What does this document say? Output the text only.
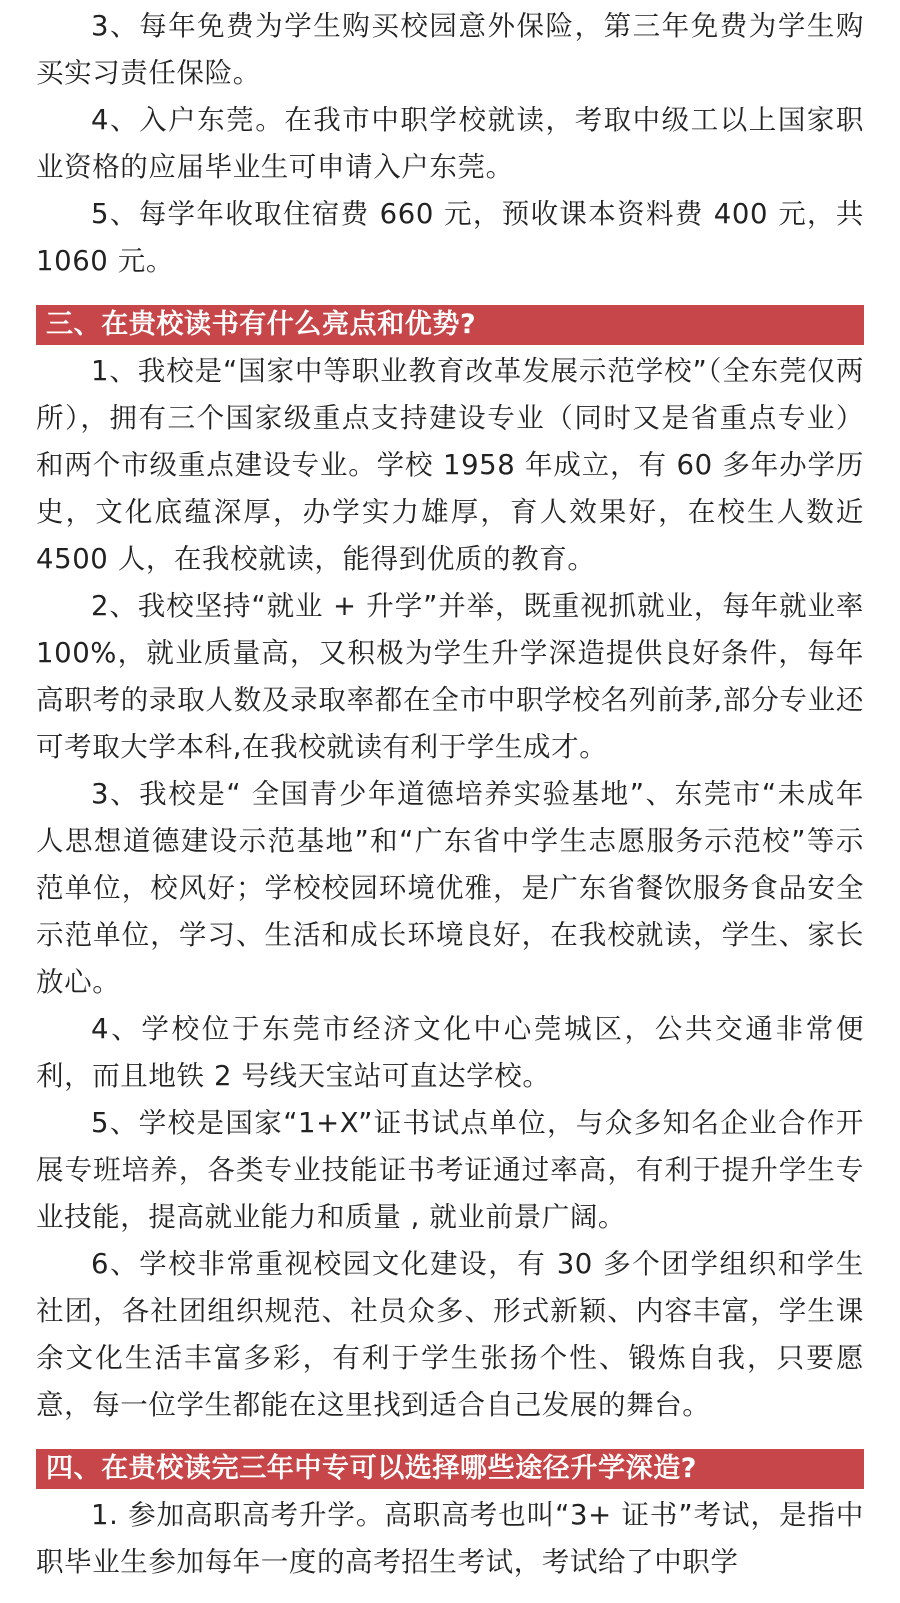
3、每年免费为学生购买校园意外保险，第三年免费为学生购买实习责任保险。

4、入户东莞。在我市中职学校就读，考取中级工以上国家职业资格的应届毕业生可申请入户东莞。

5、每学年收取住宿费 660 元，预收课本资料费 400 元，共 1060 元。

三、在贵校读书有什么亮点和优势?

1、我校是“国家中等职业教育改革发展示范学校”（全东莞仅两所），拥有三个国家级重点支持建设专业（同时又是省重点专业）和两个市级重点建设专业。学校 1958 年成立，有 60 多年办学历史，文化底蕴深厚，办学实力雄厚，育人效果好，在校生人数近 4500 人，在我校就读，能得到优质的教育。

2、我校坚持“就业 + 升学”并举，既重视抓就业，每年就业率 100%，就业质量高，又积极为学生升学深造提供良好条件，每年高职考的录取人数及录取率都在全市中职学校名列前茅,部分专业还可考取大学本科,在我校就读有利于学生成才。

3、我校是“ 全国青少年道德培养实验基地”、东莞市“未成年人思想道德建设示范基地”和“广东省中学生志愿服务示范校”等示范单位，校风好；学校校园环境优雅，是广东省餐饮服务食品安全示范单位，学习、生活和成长环境良好，在我校就读，学生、家长放心。

4、学校位于东莞市经济文化中心莞城区，公共交通非常便利，而且地铁 2 号线天宝站可直达学校。

5、学校是国家“1+X”证书试点单位，与众多知名企业合作开展专班培养，各类专业技能证书考证通过率高，有利于提升学生专业技能，提高就业能力和质量 , 就业前景广阔。

6、学校非常重视校园文化建设，有 30 多个团学组织和学生社团，各社团组织规范、社员众多、形式新颖、内容丰富，学生课余文化生活丰富多彩，有利于学生张扬个性、锻炼自我，只要愿意，每一位学生都能在这里找到适合自己发展的舞台。

四、在贵校读完三年中专可以选择哪些途径升学深造?

1. 参加高职高考升学。高职高考也叫“3+ 证书”考试，是指中职毕业生参加每年一度的高考招生考试，考试给了中职学
